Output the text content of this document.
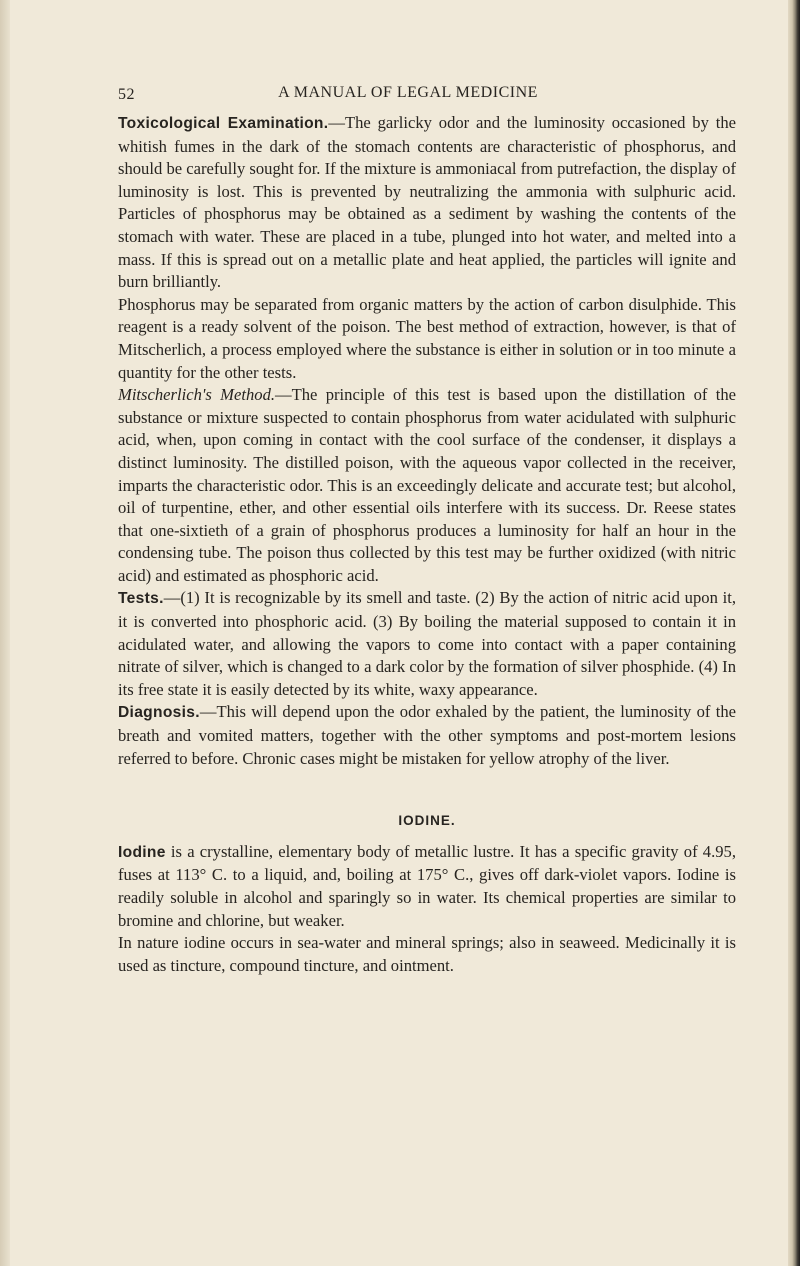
52	A MANUAL OF LEGAL MEDICINE

Toxicological Examination.—The garlicky odor and the luminosity occasioned by the whitish fumes in the dark of the stomach contents are characteristic of phosphorus, and should be carefully sought for. If the mixture is ammoniacal from putrefaction, the display of luminosity is lost. This is prevented by neutralizing the ammonia with sulphuric acid. Particles of phosphorus may be obtained as a sediment by washing the contents of the stomach with water. These are placed in a tube, plunged into hot water, and melted into a mass. If this is spread out on a metallic plate and heat applied, the particles will ignite and burn brilliantly.

Phosphorus may be separated from organic matters by the action of carbon disulphide. This reagent is a ready solvent of the poison. The best method of extraction, however, is that of Mitscherlich, a process employed where the substance is either in solution or in too minute a quantity for the other tests.

Mitscherlich's Method.—The principle of this test is based upon the distillation of the substance or mixture suspected to contain phosphorus from water acidulated with sulphuric acid, when, upon coming in contact with the cool surface of the condenser, it displays a distinct luminosity. The distilled poison, with the aqueous vapor collected in the receiver, imparts the characteristic odor. This is an exceedingly delicate and accurate test; but alcohol, oil of turpentine, ether, and other essential oils interfere with its success. Dr. Reese states that one-sixtieth of a grain of phosphorus produces a luminosity for half an hour in the condensing tube. The poison thus collected by this test may be further oxidized (with nitric acid) and estimated as phosphoric acid.

Tests.—(1) It is recognizable by its smell and taste. (2) By the action of nitric acid upon it, it is converted into phosphoric acid. (3) By boiling the material supposed to contain it in acidulated water, and allowing the vapors to come into contact with a paper containing nitrate of silver, which is changed to a dark color by the formation of silver phosphide. (4) In its free state it is easily detected by its white, waxy appearance.

Diagnosis.—This will depend upon the odor exhaled by the patient, the luminosity of the breath and vomited matters, together with the other symptoms and post-mortem lesions referred to before. Chronic cases might be mistaken for yellow atrophy of the liver.

IODINE.

Iodine is a crystalline, elementary body of metallic lustre. It has a specific gravity of 4.95, fuses at 113° C. to a liquid, and, boiling at 175° C., gives off dark-violet vapors. Iodine is readily soluble in alcohol and sparingly so in water. Its chemical properties are similar to bromine and chlorine, but weaker.

In nature iodine occurs in sea-water and mineral springs; also in seaweed. Medicinally it is used as tincture, compound tincture, and ointment.
